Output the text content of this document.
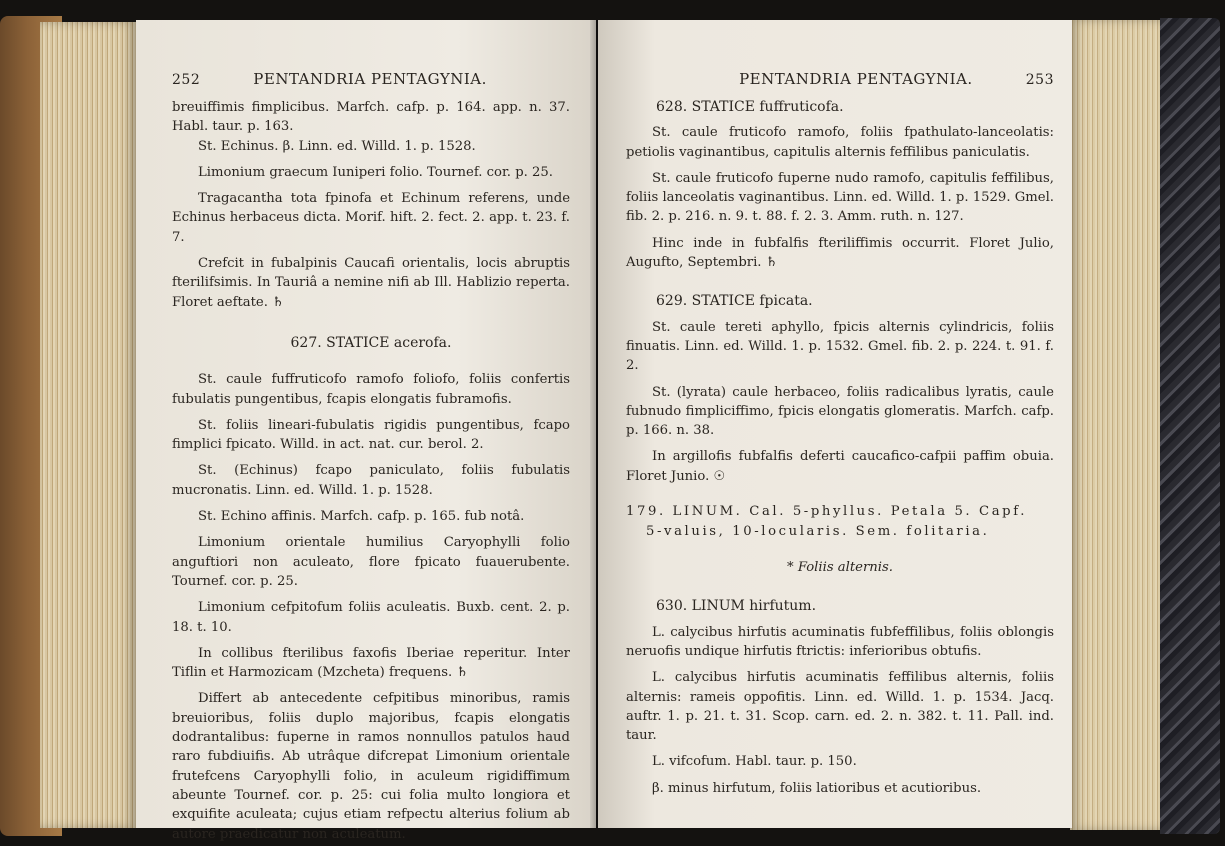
252	PENTANDRIA PENTAGYNIA.

breuiffimis fimplicibus. Marfch. cafp. p. 164. app. n. 37. Habl. taur. p. 163.

St. Echinus. β. Linn. ed. Willd. 1. p. 1528.

Limonium graecum Iuniperi folio. Tournef. cor. p. 25.

Tragacantha tota fpinofa et Echinum referens, unde Echinus herbaceus dicta. Morif. hift. 2. fect. 2. app. t. 23. f. 7.

Crefcit in fubalpinis Caucafi orientalis, locis abruptis fterilifsimis. In Tauriâ a nemine nifi ab Ill. Hablizio reperta. Floret aeftate. ♄

627. STATICE acerofa.

St. caule fuffruticofo ramofo foliofo, foliis confertis fubulatis pungentibus, fcapis elongatis fubramofis.

St. foliis lineari-fubulatis rigidis pungentibus, fcapo fimplici fpicato. Willd. in act. nat. cur. berol. 2.

St. (Echinus) fcapo paniculato, foliis fubulatis mucronatis. Linn. ed. Willd. 1. p. 1528.

St. Echino affinis. Marfch. cafp. p. 165. fub notâ.

Limonium orientale humilius Caryophylli folio anguftiori non aculeato, flore fpicato fuauerubente. Tournef. cor. p. 25.

Limonium cefpitofum foliis aculeatis. Buxb. cent. 2. p. 18. t. 10.

In collibus fterilibus faxofis Iberiae reperitur. Inter Tiflin et Harmozicam (Mzcheta) frequens. ♄

Differt ab antecedente cefpitibus minoribus, ramis breuioribus, foliis duplo majoribus, fcapis elongatis dodrantalibus: fuperne in ramos nonnullos patulos haud raro fubdiuifis. Ab utrâque difcrepat Limonium orientale frutefcens Caryophylli folio, in aculeum rigidiffimum abeunte Tournef. cor. p. 25: cui folia multo longiora et exquifite aculeata; cujus etiam refpectu alterius folium ab autore praedicatur non aculeatum.

PENTANDRIA PENTAGYNIA.	253

628. STATICE fuffruticofa.

St. caule fruticofo ramofo, foliis fpathulato-lanceolatis: petiolis vaginantibus, capitulis alternis feffilibus paniculatis.

St. caule fruticofo fuperne nudo ramofo, capitulis feffilibus, foliis lanceolatis vaginantibus. Linn. ed. Willd. 1. p. 1529. Gmel. fib. 2. p. 216. n. 9. t. 88. f. 2. 3. Amm. ruth. n. 127.

Hinc inde in fubfalfis fteriliffimis occurrit. Floret Julio, Augufto, Septembri. ♄

629. STATICE fpicata.

St. caule tereti aphyllo, fpicis alternis cylindricis, foliis finuatis. Linn. ed. Willd. 1. p. 1532. Gmel. fib. 2. p. 224. t. 91. f. 2.

St. (lyrata) caule herbaceo, foliis radicalibus lyratis, caule fubnudo fimpliciffimo, fpicis elongatis glomeratis. Marfch. cafp. p. 166. n. 38.

In argillofis fubfalfis deferti caucafico-cafpii paffim obuia. Floret Junio. ☉

179. LINUM. Cal. 5-phyllus. Petala 5. Capf.

5-valuis, 10-locularis. Sem. folitaria.

* Foliis alternis.

630. LINUM hirfutum.

L. calycibus hirfutis acuminatis fubfeffilibus, foliis oblongis neruofis undique hirfutis ftrictis: inferioribus obtufis.

L. calycibus hirfutis acuminatis feffilibus alternis, foliis alternis: rameis oppofitis. Linn. ed. Willd. 1. p. 1534. Jacq. auftr. 1. p. 21. t. 31. Scop. carn. ed. 2. n. 382. t. 11. Pall. ind. taur.

L. vifcofum. Habl. taur. p. 150.

β. minus hirfutum, foliis latioribus et acutioribus.
